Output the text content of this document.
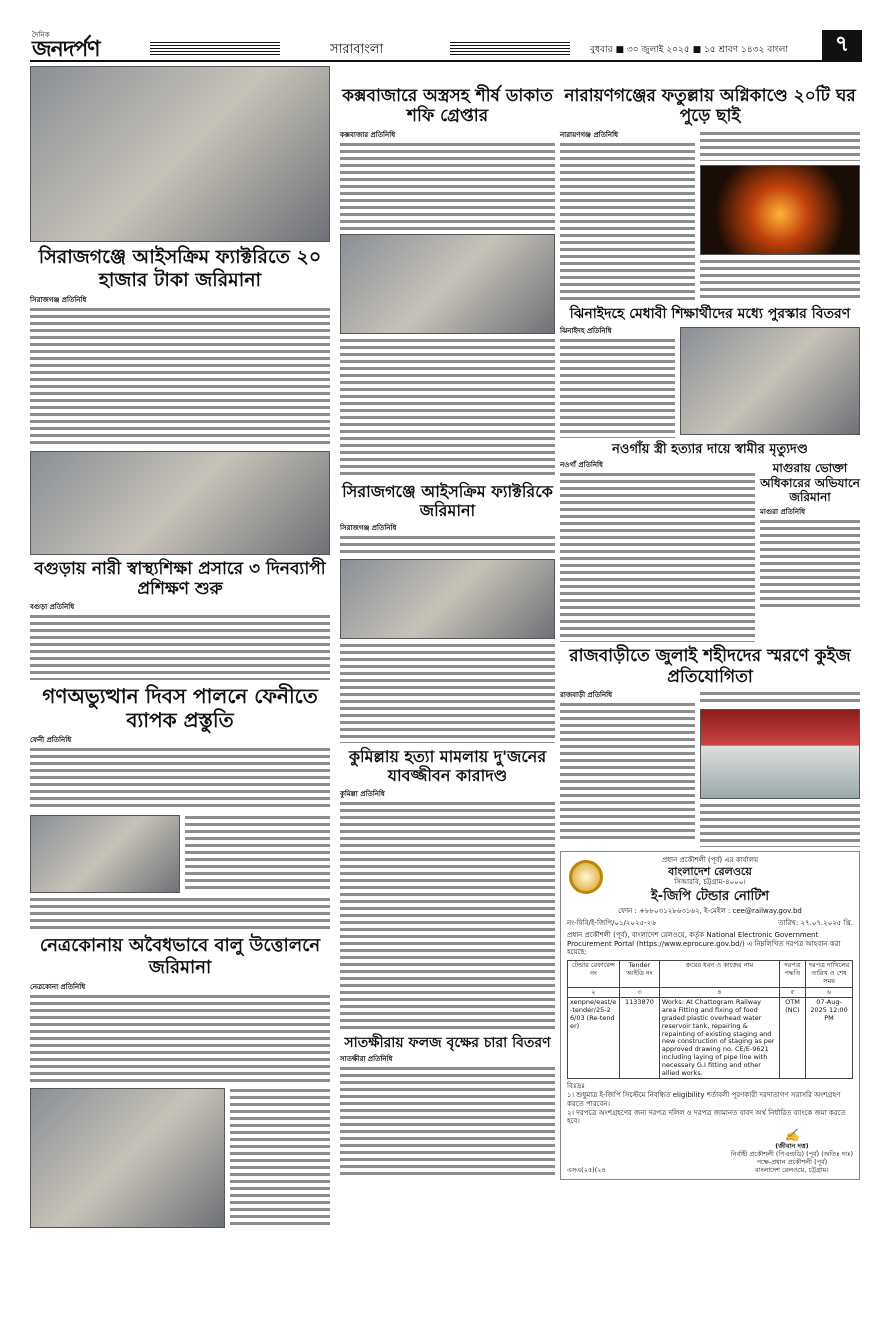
দৈনিক
জনদর্পণ	সারাবাংলা	বুধবার ■ ৩০ জুলাই ২০২৫ ■ ১৫ শ্রাবণ ১৪৩২ বাংলা	৭
সিরাজগঞ্জে আইসক্রিম ফ্যাক্টরিতে ২০ হাজার টাকা জরিমানা
সিরাজগঞ্জ প্রতিনিধি
বগুড়ায় নারী স্বাস্থ্যশিক্ষা প্রসারে ৩ দিনব্যাপী প্রশিক্ষণ শুরু
বগুড়া প্রতিনিধি
গণঅভ্যুত্থান দিবস পালনে ফেনীতে ব্যাপক প্রস্তুতি
ফেনী প্রতিনিধি
নেত্রকোনায় অবৈধভাবে বালু উত্তোলনে জরিমানা
নেত্রকোনা প্রতিনিধি
কক্সবাজারে অস্ত্রসহ শীর্ষ ডাকাত শফি গ্রেপ্তার
কক্সবাজার প্রতিনিধি
সিরাজগঞ্জে আইসক্রিম ফ্যাক্টরিকে জরিমানা
সিরাজগঞ্জ প্রতিনিধি
কুমিল্লায় হত্যা মামলায় দু'জনের যাবজ্জীবন কারাদণ্ড
কুমিল্লা প্রতিনিধি
সাতক্ষীরায় ফলজ বৃক্ষের চারা বিতরণ
সাতক্ষীরা প্রতিনিধি
নারায়ণগঞ্জের ফতুল্লায় অগ্নিকাণ্ডে ২০টি ঘর পুড়ে ছাই
নারায়ণগঞ্জ প্রতিনিধি
ঝিনাইদহে মেধাবী শিক্ষার্থীদের মধ্যে পুরস্কার বিতরণ
ঝিনাইদহ প্রতিনিধি
নওগাঁয় স্ত্রী হত্যার দায়ে স্বামীর মৃত্যুদণ্ড
নওগাঁ প্রতিনিধি	মাগুরায় ভোক্তা অধিকারের অভিযানে জরিমানা
মাগুরা প্রতিনিধি
রাজবাড়ীতে জুলাই শহীদদের স্মরণে কুইজ প্রতিযোগিতা
রাজবাড়ী প্রতিনিধি
প্রধান প্রকৌশলী (পূর্ব) এর কার্যালয়
বাংলাদেশ রেলওয়ে
সিআরবি, চট্টগ্রাম-৪০০০।
ই-জিপি টেন্ডার নোটিশ
ফোন : +৮৮০৩১২৮৬৩১৬২, ই-মেইল : cee@railway.gov.bd
নং-বিবি/ই-জিপি/০১/২০২৫-২৬	তারিখ: ২৭.০৭.২০২৫ খ্রি.
প্রধান প্রকৌশলী (পূর্ব), বাংলাদেশ রেলওয়ে, কর্তৃক National Electronic Government Procurement Portal (https://www.eprocure.gov.bd/) এ নিম্নলিখিত দরপত্র আহবান করা হয়েছে:
টেন্ডার রেফারেন্স নং	Tender আইডি নং	ক্রয়ের ধরন ও কাজের নাম	দরপত্র পদ্ধতি	দরপত্র দাখিলের তারিখ ও শেষ সময়
২	৩	৪	৫	৬
xenpne/east/e-tender/25-26/03 (Re-tender)	1133870	Works: At Chattogram Railway area Fitting and fixing of food graded plastic overhead water reservoir tank, repairing & repainting of existing staging and new construction of staging as per approved drawing no. CE/E-9621 including laying of pipe line with necessary G.I fitting and other allied works.	OTM (NC)	07-Aug-2025 12:00 PM
বিঃদ্রঃ
১। শুধুমাত্র ই-জিপি সিস্টেমে নিবন্ধিত eligibility শর্তাবলী পূরণকারী দরদাতাগণ সরাসরি অংশগ্রহণ করতে পারবেন।
২। দরপত্রে অংশগ্রহণের জন্য দরপত্র দলিল ও দরপত্র জামানত বাবদ অর্থ নির্ধারিত ব্যাংকে জমা করতে হবে।
এসএ(২৫)(২৪
✍
(জীবান দত্ত)
নির্বাহী প্রকৌশলী (পিএন্ডডি) (পূর্ব) (অতিঃ দাঃ)
পক্ষে-প্রধান প্রকৌশলী (পূর্ব)
বাংলাদেশ রেলওয়ে, চট্টগ্রাম।
